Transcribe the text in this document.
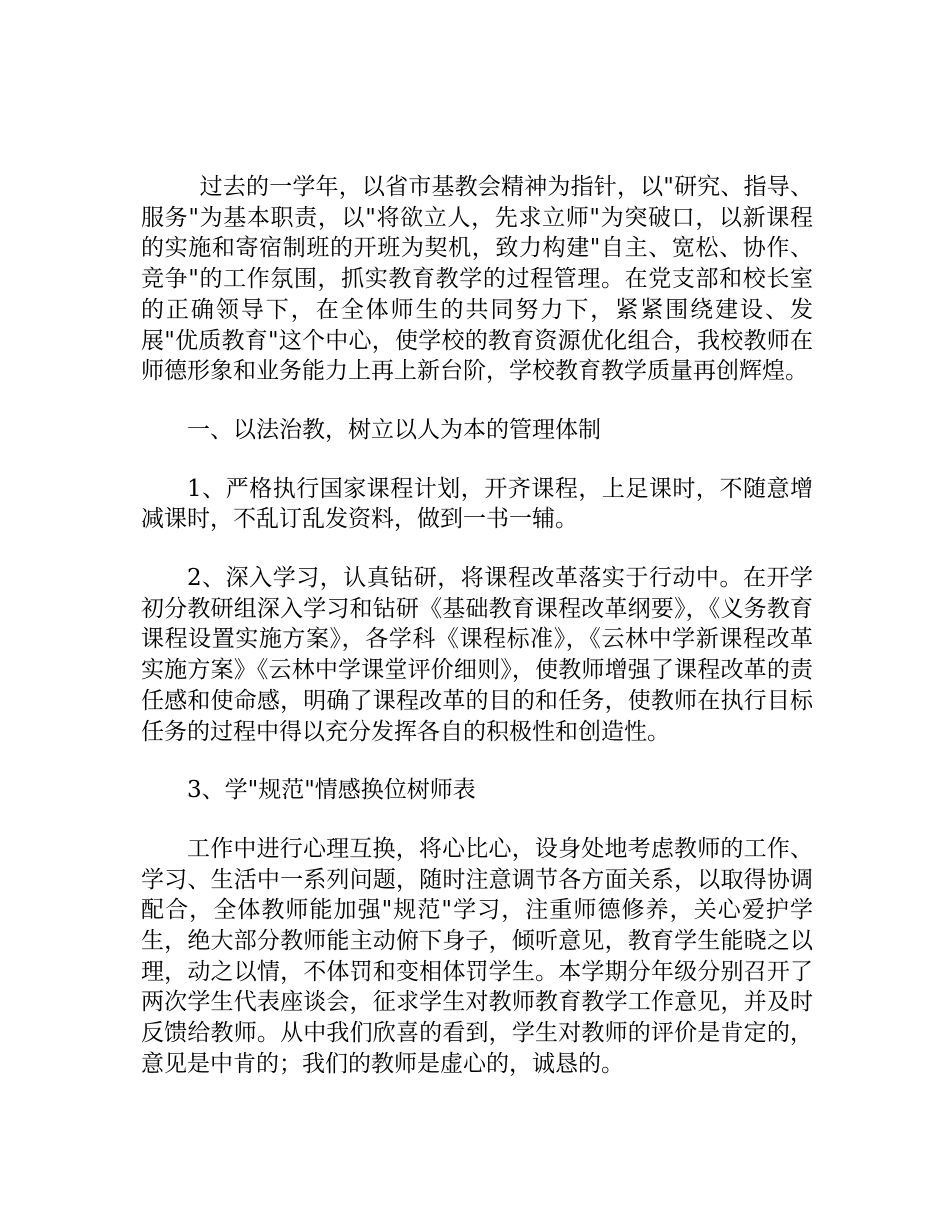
过去的一学年，以省市基教会精神为指针，以"研究、指导、服务"为基本职责，以"将欲立人，先求立师"为突破口，以新课程的实施和寄宿制班的开班为契机，致力构建"自主、宽松、协作、竞争"的工作氛围，抓实教育教学的过程管理。在党支部和校长室的正确领导下，在全体师生的共同努力下，紧紧围绕建设、发展"优质教育"这个中心，使学校的教育资源优化组合，我校教师在师德形象和业务能力上再上新台阶，学校教育教学质量再创辉煌。

一、以法治教，树立以人为本的管理体制

1、严格执行国家课程计划，开齐课程，上足课时，不随意增减课时，不乱订乱发资料，做到一书一辅。

2、深入学习，认真钻研，将课程改革落实于行动中。在开学初分教研组深入学习和钻研《基础教育课程改革纲要》，《义务教育课程设置实施方案》，各学科《课程标准》，《云林中学新课程改革实施方案》《云林中学课堂评价细则》，使教师增强了课程改革的责任感和使命感，明确了课程改革的目的和任务，使教师在执行目标任务的过程中得以充分发挥各自的积极性和创造性。

3、学"规范"情感换位树师表

工作中进行心理互换，将心比心，设身处地考虑教师的工作、学习、生活中一系列问题，随时注意调节各方面关系，以取得协调配合，全体教师能加强"规范"学习，注重师德修养，关心爱护学生，绝大部分教师能主动俯下身子，倾听意见，教育学生能晓之以理，动之以情，不体罚和变相体罚学生。本学期分年级分别召开了两次学生代表座谈会，征求学生对教师教育教学工作意见，并及时反馈给教师。从中我们欣喜的看到，学生对教师的评价是肯定的，意见是中肯的；我们的教师是虚心的，诚恳的。
